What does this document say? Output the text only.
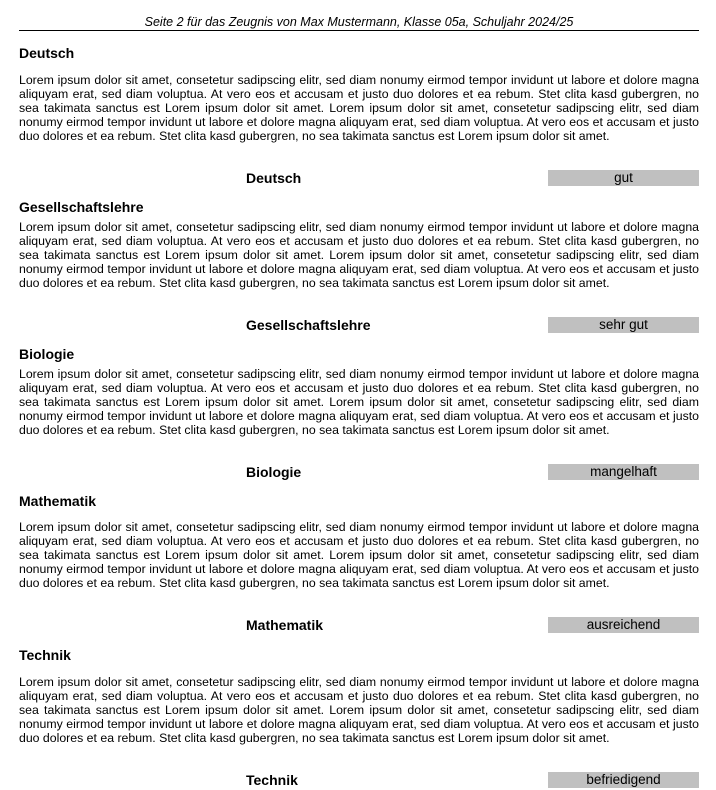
Seite 2 für das Zeugnis von Max Mustermann, Klasse 05a, Schuljahr 2024/25
Deutsch
Lorem ipsum dolor sit amet, consetetur sadipscing elitr, sed diam nonumy eirmod tempor invidunt ut labore et dolore magna aliquyam erat, sed diam voluptua. At vero eos et accusam et justo duo dolores et ea rebum. Stet clita kasd gubergren, no sea takimata sanctus est Lorem ipsum dolor sit amet. Lorem ipsum dolor sit amet, consetetur sadipscing elitr, sed diam nonumy eirmod tempor invidunt ut labore et dolore magna aliquyam erat, sed diam voluptua. At vero eos et accusam et justo duo dolores et ea rebum. Stet clita kasd gubergren, no sea takimata sanctus est Lorem ipsum dolor sit amet.
Deutsch	gut
Gesellschaftslehre
Lorem ipsum dolor sit amet, consetetur sadipscing elitr, sed diam nonumy eirmod tempor invidunt ut labore et dolore magna aliquyam erat, sed diam voluptua. At vero eos et accusam et justo duo dolores et ea rebum. Stet clita kasd gubergren, no sea takimata sanctus est Lorem ipsum dolor sit amet. Lorem ipsum dolor sit amet, consetetur sadipscing elitr, sed diam nonumy eirmod tempor invidunt ut labore et dolore magna aliquyam erat, sed diam voluptua. At vero eos et accusam et justo duo dolores et ea rebum. Stet clita kasd gubergren, no sea takimata sanctus est Lorem ipsum dolor sit amet.
Gesellschaftslehre	sehr gut
Biologie
Lorem ipsum dolor sit amet, consetetur sadipscing elitr, sed diam nonumy eirmod tempor invidunt ut labore et dolore magna aliquyam erat, sed diam voluptua. At vero eos et accusam et justo duo dolores et ea rebum. Stet clita kasd gubergren, no sea takimata sanctus est Lorem ipsum dolor sit amet. Lorem ipsum dolor sit amet, consetetur sadipscing elitr, sed diam nonumy eirmod tempor invidunt ut labore et dolore magna aliquyam erat, sed diam voluptua. At vero eos et accusam et justo duo dolores et ea rebum. Stet clita kasd gubergren, no sea takimata sanctus est Lorem ipsum dolor sit amet.
Biologie	mangelhaft
Mathematik
Lorem ipsum dolor sit amet, consetetur sadipscing elitr, sed diam nonumy eirmod tempor invidunt ut labore et dolore magna aliquyam erat, sed diam voluptua. At vero eos et accusam et justo duo dolores et ea rebum. Stet clita kasd gubergren, no sea takimata sanctus est Lorem ipsum dolor sit amet. Lorem ipsum dolor sit amet, consetetur sadipscing elitr, sed diam nonumy eirmod tempor invidunt ut labore et dolore magna aliquyam erat, sed diam voluptua. At vero eos et accusam et justo duo dolores et ea rebum. Stet clita kasd gubergren, no sea takimata sanctus est Lorem ipsum dolor sit amet.
Mathematik	ausreichend
Technik
Lorem ipsum dolor sit amet, consetetur sadipscing elitr, sed diam nonumy eirmod tempor invidunt ut labore et dolore magna aliquyam erat, sed diam voluptua. At vero eos et accusam et justo duo dolores et ea rebum. Stet clita kasd gubergren, no sea takimata sanctus est Lorem ipsum dolor sit amet. Lorem ipsum dolor sit amet, consetetur sadipscing elitr, sed diam nonumy eirmod tempor invidunt ut labore et dolore magna aliquyam erat, sed diam voluptua. At vero eos et accusam et justo duo dolores et ea rebum. Stet clita kasd gubergren, no sea takimata sanctus est Lorem ipsum dolor sit amet.
Technik	befriedigend
